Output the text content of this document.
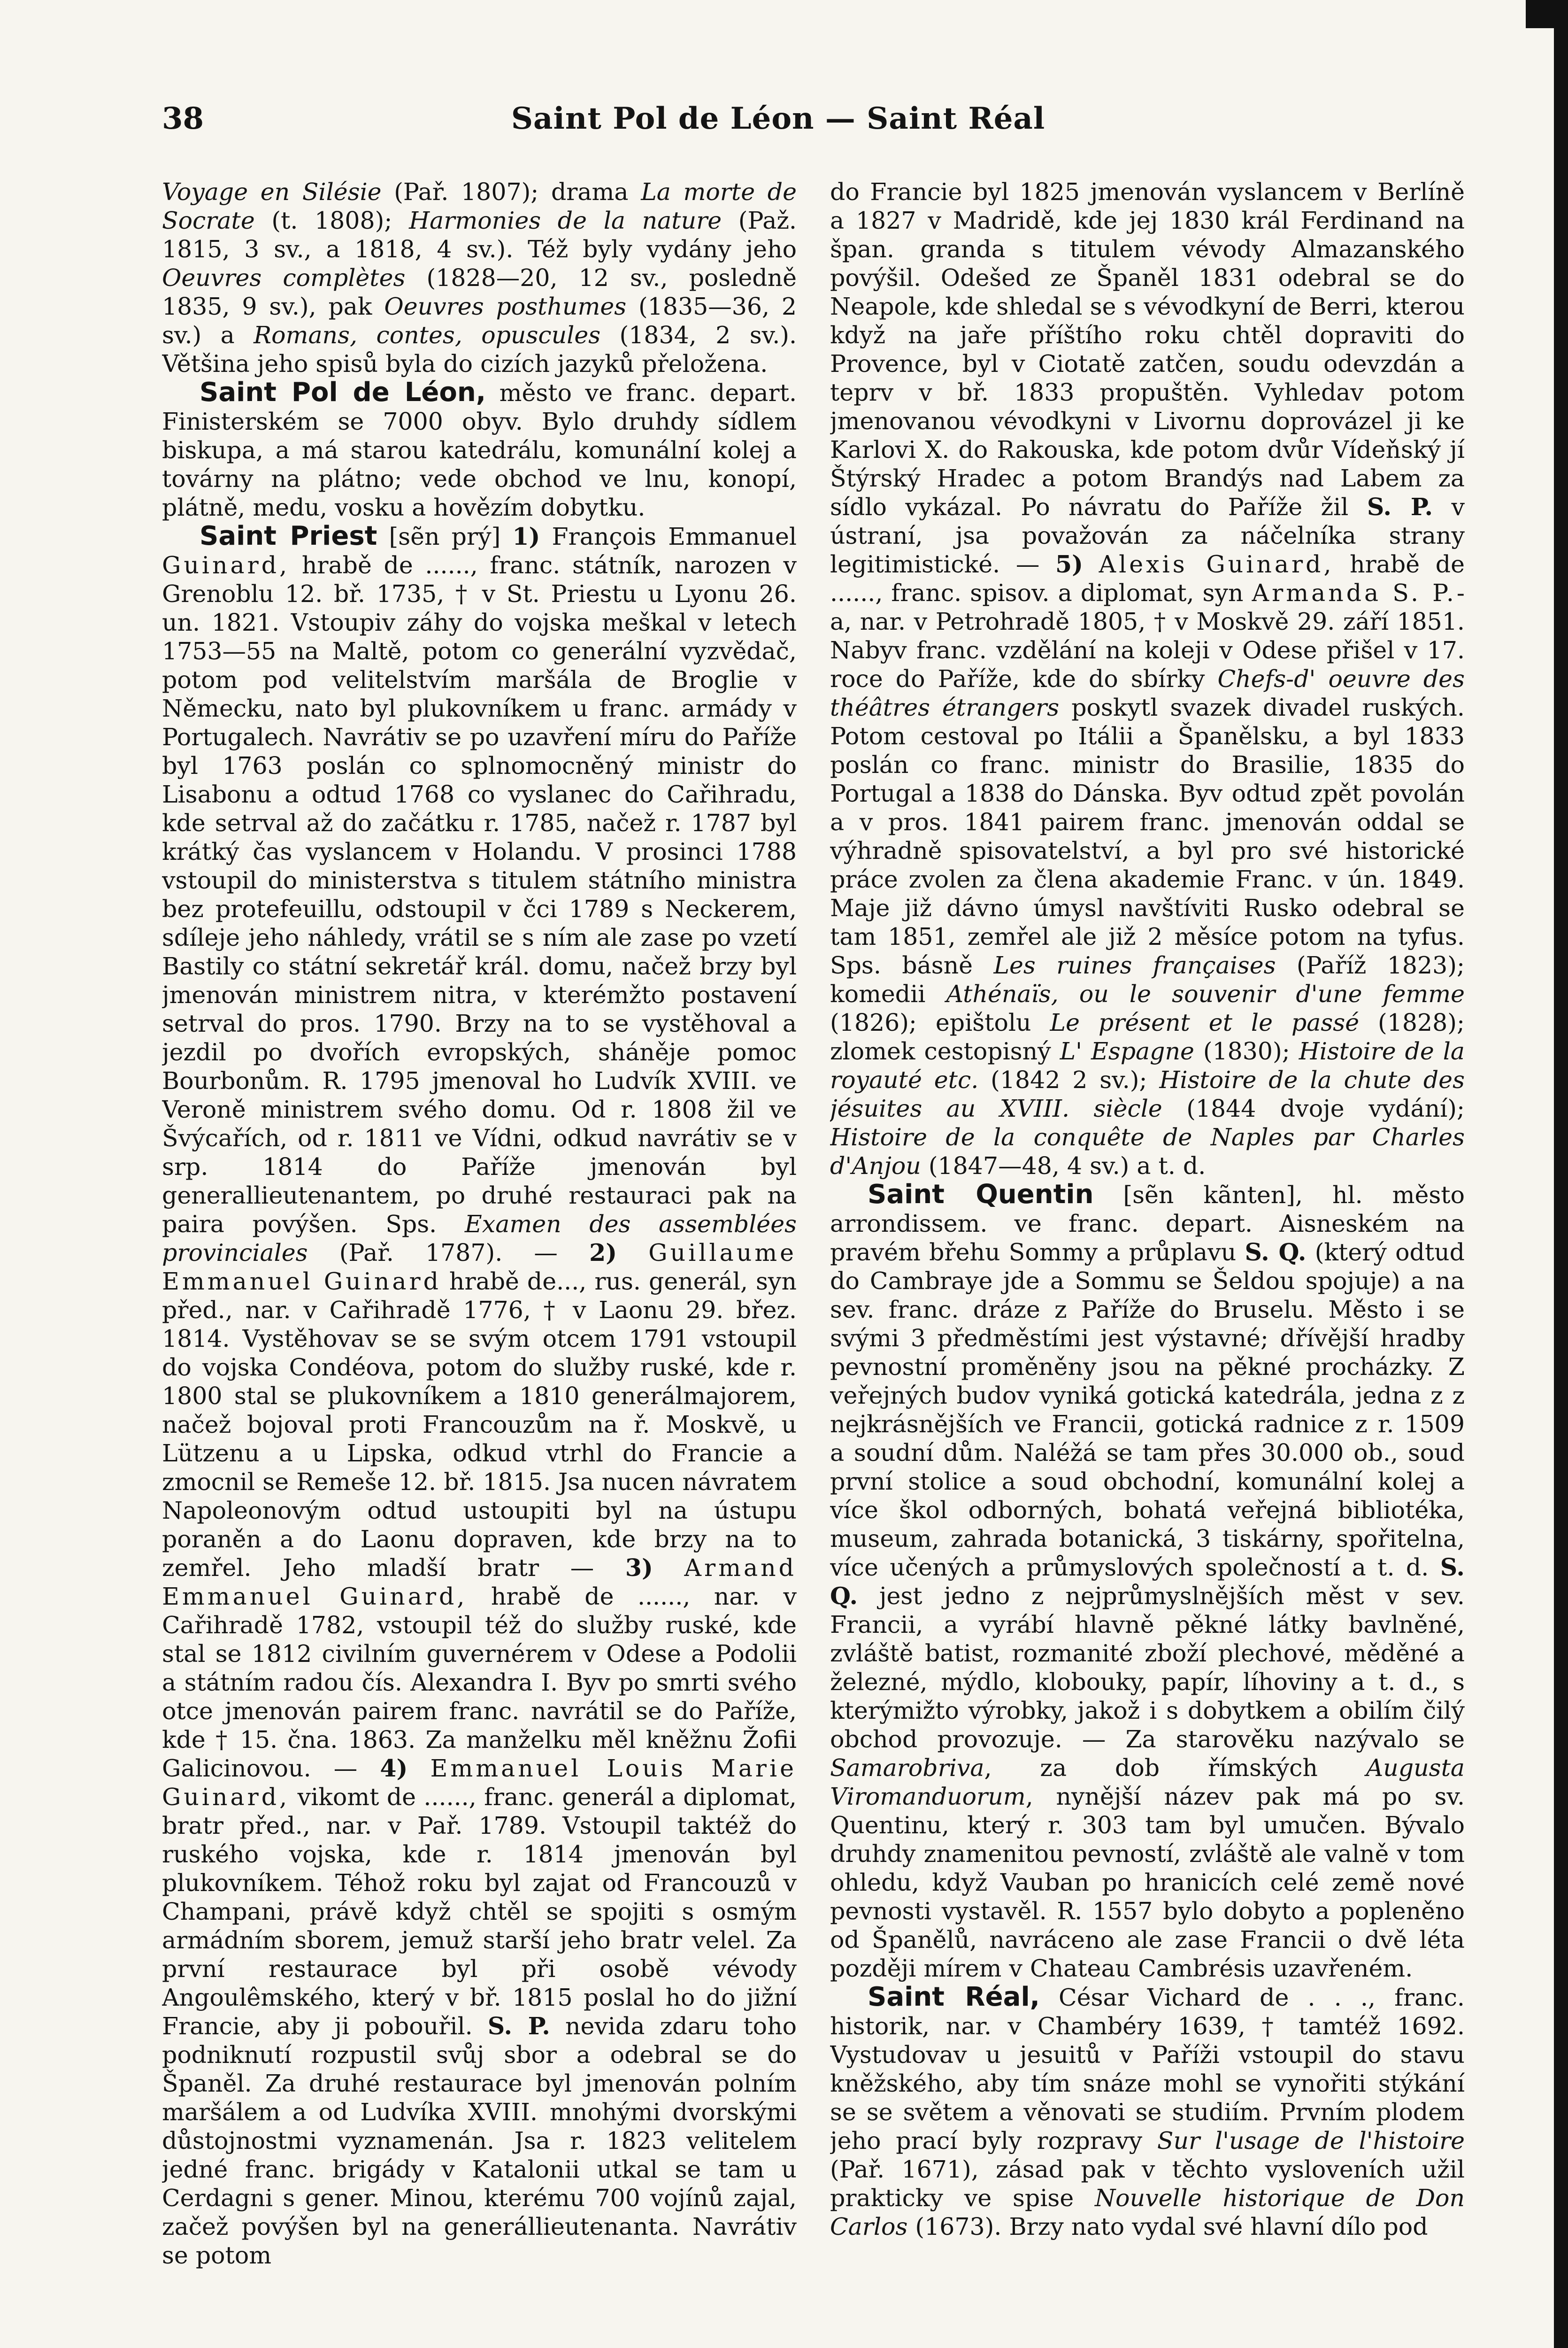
38	Saint Pol de Léon — Saint Réal

Voyage en Silésie (Pař. 1807); drama La morte de Socrate (t. 1808); Harmonies de la nature (Paž. 1815, 3 sv., a 1818, 4 sv.). Též byly vydány jeho Oeuvres complètes (1828—20, 12 sv., posledně 1835, 9 sv.), pak Oeuvres posthumes (1835—36, 2 sv.) a Romans, contes, opuscules (1834, 2 sv.). Většina jeho spisů byla do cizích jazyků přeložena.

Saint Pol de Léon, město ve franc. depart. Finisterském se 7000 obyv. Bylo druhdy sídlem biskupa, a má starou katedrálu, komunální kolej a továrny na plátno; vede obchod ve lnu, konopí, plátně, medu, vosku a hovězím dobytku.

Saint Priest [sẽn prý] 1) François Emmanuel Guinard, hrabě de ......, franc. státník, narozen v Grenoblu 12. bř. 1735, † v St. Priestu u Lyonu 26. un. 1821. Vstoupiv záhy do vojska meškal v letech 1753—55 na Maltě, potom co generální vyzvědač, potom pod velitelstvím maršála de Broglie v Německu, nato byl plukovníkem u franc. armády v Portugalech. Navrátiv se po uzavření míru do Paříže byl 1763 poslán co splnomocněný ministr do Lisabonu a odtud 1768 co vyslanec do Cařihradu, kde setrval až do začátku r. 1785, načež r. 1787 byl krátký čas vyslancem v Holandu. V prosinci 1788 vstoupil do ministerstva s titulem státního ministra bez protefeuillu, odstoupil v čci 1789 s Neckerem, sdíleje jeho náhledy, vrátil se s ním ale zase po vzetí Bastily co státní sekretář král. domu, načež brzy byl jmenován ministrem nitra, v kterémžto postavení setrval do pros. 1790. Brzy na to se vystěhoval a jezdil po dvořích evropských, sháněje pomoc Bourbonům. R. 1795 jmenoval ho Ludvík XVIII. ve Veroně ministrem svého domu. Od r. 1808 žil ve Švýcařích, od r. 1811 ve Vídni, odkud navrátiv se v srp. 1814 do Paříže jmenován byl generallieutenantem, po druhé restauraci pak na paira povýšen. Sps. Examen des assemblées provinciales (Pař. 1787). — 2) Guillaume Emmanuel Guinard hrabě de..., rus. generál, syn před., nar. v Cařihradě 1776, † v Laonu 29. břez. 1814. Vystěhovav se se svým otcem 1791 vstoupil do vojska Condéova, potom do služby ruské, kde r. 1800 stal se plukovníkem a 1810 generálmajorem, načež bojoval proti Francouzům na ř. Moskvě, u Lützenu a u Lipska, odkud vtrhl do Francie a zmocnil se Remeše 12. bř. 1815. Jsa nucen návratem Napoleonovým odtud ustoupiti byl na ústupu poraněn a do Laonu dopraven, kde brzy na to zemřel. Jeho mladší bratr — 3) Armand Emmanuel Guinard, hrabě de ......, nar. v Cařihradě 1782, vstoupil též do služby ruské, kde stal se 1812 civilním guvernérem v Odese a Podolii a státním radou čís. Alexandra I. Byv po smrti svého otce jmenován pairem franc. navrátil se do Paříže, kde † 15. čna. 1863. Za manželku měl kněžnu Žofii Galicinovou. — 4) Emmanuel Louis Marie Guinard, vikomt de ......, franc. generál a diplomat, bratr před., nar. v Pař. 1789. Vstoupil taktéž do ruského vojska, kde r. 1814 jmenován byl plukovníkem. Téhož roku byl zajat od Francouzů v Champani, právě když chtěl se spojiti s osmým armádním sborem, jemuž starší jeho bratr velel. Za první restaurace byl při osobě vévody Angoulêmského, který v bř. 1815 poslal ho do jižní Francie, aby ji pobouřil. S. P. nevida zdaru toho podniknutí rozpustil svůj sbor a odebral se do Španěl. Za druhé restaurace byl jmenován polním maršálem a od Ludvíka XVIII. mnohými dvorskými důstojnostmi vyznamenán. Jsa r. 1823 velitelem jedné franc. brigády v Katalonii utkal se tam u Cerdagni s gener. Minou, kterému 700 vojínů zajal, začež povýšen byl na generállieutenanta. Navrátiv se potom

do Francie byl 1825 jmenován vyslancem v Berlíně a 1827 v Madridě, kde jej 1830 král Ferdinand na špan. granda s titulem vévody Almazanského povýšil. Odešed ze Španěl 1831 odebral se do Neapole, kde shledal se s vévodkyní de Berri, kterou když na jaře příštího roku chtěl dopraviti do Provence, byl v Ciotatě zatčen, soudu odevzdán a teprv v bř. 1833 propuštěn. Vyhledav potom jmenovanou vévodkyni v Livornu doprovázel ji ke Karlovi X. do Rakouska, kde potom dvůr Vídeňský jí Štýrský Hradec a potom Brandýs nad Labem za sídlo vykázal. Po návratu do Paříže žil S. P. v ústraní, jsa považován za náčelníka strany legitimistické. — 5) Alexis Guinard, hrabě de ......, franc. spisov. a diplomat, syn Armanda S. P.-a, nar. v Petrohradě 1805, † v Moskvě 29. září 1851. Nabyv franc. vzdělání na koleji v Odese přišel v 17. roce do Paříže, kde do sbírky Chefs-d' oeuvre des théâtres étrangers poskytl svazek divadel ruských. Potom cestoval po Itálii a Španělsku, a byl 1833 poslán co franc. ministr do Brasilie, 1835 do Portugal a 1838 do Dánska. Byv odtud zpět povolán a v pros. 1841 pairem franc. jmenován oddal se výhradně spisovatelství, a byl pro své historické práce zvolen za člena akademie Franc. v ún. 1849. Maje již dávno úmysl navštíviti Rusko odebral se tam 1851, zemřel ale již 2 měsíce potom na tyfus. Sps. básně Les ruines françaises (Paříž 1823); komedii Athénaïs, ou le souvenir d'une femme (1826); epištolu Le présent et le passé (1828); zlomek cestopisný L' Espagne (1830); Histoire de la royauté etc. (1842 2 sv.); Histoire de la chute des jésuites au XVIII. siècle (1844 dvoje vydání); Histoire de la conquête de Naples par Charles d'Anjou (1847—48, 4 sv.) a t. d.

Saint Quentin [sẽn kãnten], hl. město arrondissem. ve franc. depart. Aisneském na pravém břehu Sommy a průplavu S. Q. (který odtud do Cambraye jde a Sommu se Šeldou spojuje) a na sev. franc. dráze z Paříže do Bruselu. Město i se svými 3 předměstími jest výstavné; dřívější hradby pevnostní proměněny jsou na pěkné procházky. Z veřejných budov vyniká gotická katedrála, jedna z z nejkrásnějších ve Francii, gotická radnice z r. 1509 a soudní dům. Naléžá se tam přes 30.000 ob., soud první stolice a soud obchodní, komunální kolej a více škol odborných, bohatá veřejná bibliotéka, museum, zahrada botanická, 3 tiskárny, spořitelna, více učených a průmyslových společností a t. d. S. Q. jest jedno z nejprůmyslnějších měst v sev. Francii, a vyrábí hlavně pěkné látky bavlněné, zvláště batist, rozmanité zboží plechové, měděné a železné, mýdlo, klobouky, papír, líhoviny a t. d., s kterýmižto výrobky, jakož i s dobytkem a obilím čilý obchod provozuje. — Za starověku nazývalo se Samarobriva, za dob římských Augusta Viromanduorum, nynější název pak má po sv. Quentinu, který r. 303 tam byl umučen. Bývalo druhdy znamenitou pevností, zvláště ale valně v tom ohledu, když Vauban po hranicích celé země nové pevnosti vystavěl. R. 1557 bylo dobyto a popleněno od Španělů, navráceno ale zase Francii o dvě léta později mírem v Chateau Cambrésis uzavřeném.

Saint Réal, César Vichard de . . ., franc. historik, nar. v Chambéry 1639, † tamtéž 1692. Vystudovav u jesuitů v Paříži vstoupil do stavu kněžského, aby tím snáze mohl se vynořiti stýkání se se světem a věnovati se studiím. Prvním plodem jeho prací byly rozpravy Sur l'usage de l'histoire (Pař. 1671), zásad pak v těchto vysloveních užil prakticky ve spise Nouvelle historique de Don Carlos (1673). Brzy nato vydal své hlavní dílo pod
